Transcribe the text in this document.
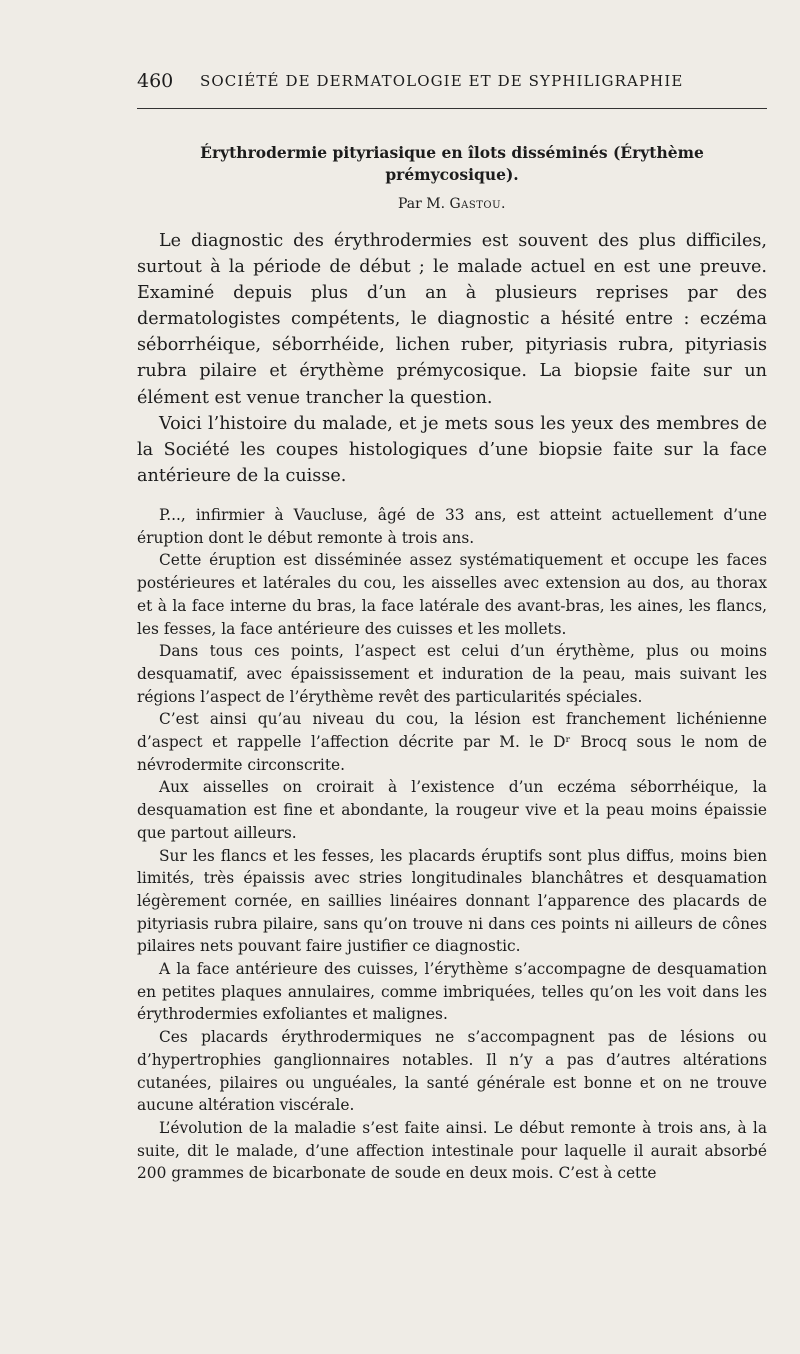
460 SOCIÉTÉ DE DERMATOLOGIE ET DE SYPHILIGRAPHIE
Érythrodermie pityriasique en îlots disséminés (Érythème prémycosique).
Par M. Gastou.

Le diagnostic des érythrodermies est souvent des plus difficiles, surtout à la période de début ; le malade actuel en est une preuve. Examiné depuis plus d’un an à plusieurs reprises par des dermatologistes compétents, le diagnostic a hésité entre : eczéma séborrhéique, séborrhéide, lichen ruber, pityriasis rubra, pityriasis rubra pilaire et érythème prémycosique. La biopsie faite sur un élément est venue trancher la question.

Voici l’histoire du malade, et je mets sous les yeux des membres de la Société les coupes histologiques d’une biopsie faite sur la face antérieure de la cuisse.

P..., infirmier à Vaucluse, âgé de 33 ans, est atteint actuellement d’une éruption dont le début remonte à trois ans.

Cette éruption est disséminée assez systématiquement et occupe les faces postérieures et latérales du cou, les aisselles avec extension au dos, au thorax et à la face interne du bras, la face latérale des avant-bras, les aines, les flancs, les fesses, la face antérieure des cuisses et les mollets.

Dans tous ces points, l’aspect est celui d’un érythème, plus ou moins desquamatif, avec épaississement et induration de la peau, mais suivant les régions l’aspect de l’érythème revêt des particularités spéciales.

C’est ainsi qu’au niveau du cou, la lésion est franchement lichénienne d’aspect et rappelle l’affection décrite par M. le Dʳ Brocq sous le nom de névrodermite circonscrite.

Aux aisselles on croirait à l’existence d’un eczéma séborrhéique, la desquamation est fine et abondante, la rougeur vive et la peau moins épaissie que partout ailleurs.

Sur les flancs et les fesses, les placards éruptifs sont plus diffus, moins bien limités, très épaissis avec stries longitudinales blanchâtres et desquamation légèrement cornée, en saillies linéaires donnant l’apparence des placards de pityriasis rubra pilaire, sans qu’on trouve ni dans ces points ni ailleurs de cônes pilaires nets pouvant faire justifier ce diagnostic.

A la face antérieure des cuisses, l’érythème s’accompagne de desquamation en petites plaques annulaires, comme imbriquées, telles qu’on les voit dans les érythrodermies exfoliantes et malignes.

Ces placards érythrodermiques ne s’accompagnent pas de lésions ou d’hypertrophies ganglionnaires notables. Il n’y a pas d’autres altérations cutanées, pilaires ou unguéales, la santé générale est bonne et on ne trouve aucune altération viscérale.

L’évolution de la maladie s’est faite ainsi. Le début remonte à trois ans, à la suite, dit le malade, d’une affection intestinale pour laquelle il aurait absorbé 200 grammes de bicarbonate de soude en deux mois. C’est à cette
